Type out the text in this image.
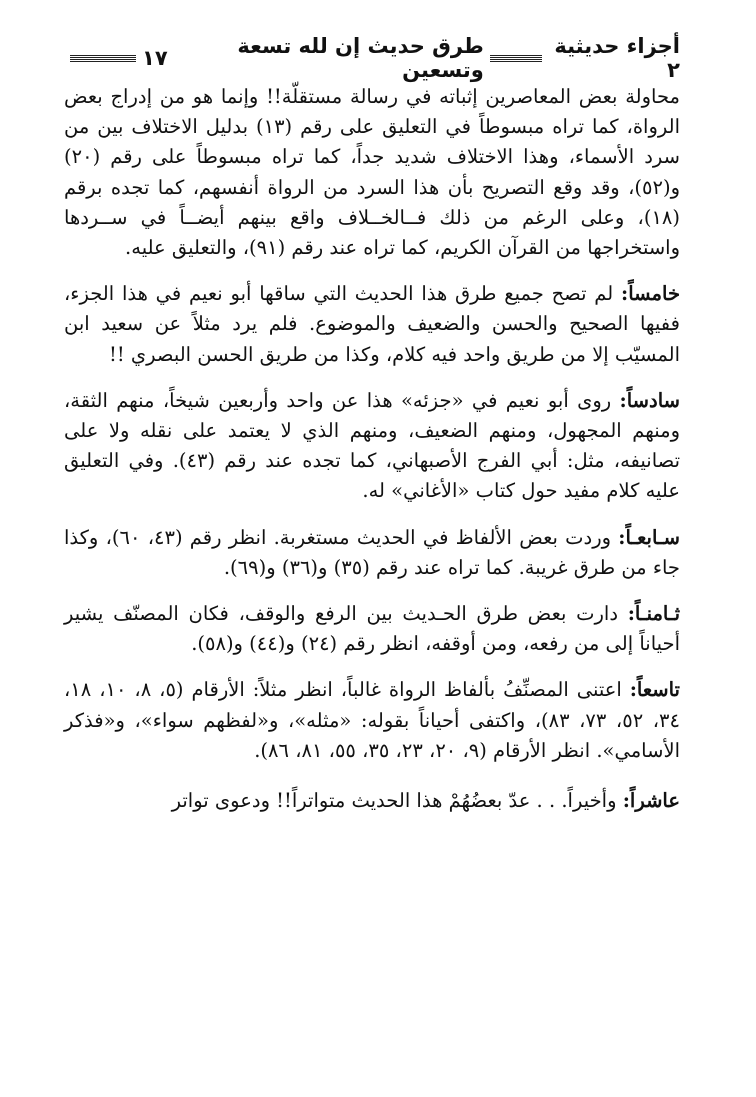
أجزاء حديثية ٢
طرق حديث إن لله تسعة وتسعين
١٧

محاولة بعض المعاصرين إثباته في رسالة مستقلّة!! وإنما هو من إدراج بعض الرواة، كما تراه مبسوطاً في التعليق على رقم (١٣) بدليل الاختلاف بين من سرد الأسماء، وهذا الاختلاف شديد جداً، كما تراه مبسوطاً على رقم (٢٠) و(٥٢)، وقد وقع التصريح بأن هذا السرد من الرواة أنفسهم، كما تجده برقم (١٨)، وعلى الرغم من ذلك فــالخــلاف واقع بينهم أيضــاً في ســردها واستخراجها من القرآن الكريم، كما تراه عند رقم (٩١)، والتعليق عليه.

خامساً: لم تصح جميع طرق هذا الحديث التي ساقها أبو نعيم في هذا الجزء، ففيها الصحيح والحسن والضعيف والموضوع. فلم يرد مثلاً عن سعيد ابن المسيّب إلا من طريق واحد فيه كلام، وكذا من طريق الحسن البصري !!

سادساً: روى أبو نعيم في «جزئه» هذا عن واحد وأربعين شيخاً، منهم الثقة، ومنهم المجهول، ومنهم الضعيف، ومنهم الذي لا يعتمد على نقله ولا على تصانيفه، مثل: أبي الفرج الأصبهاني، كما تجده عند رقم (٤٣). وفي التعليق عليه كلام مفيد حول كتاب «الأغاني» له.

سـابعـاً: وردت بعض الألفاظ في الحديث مستغربة. انظر رقم (٤٣، ٦٠)، وكذا جاء من طرق غريبة. كما تراه عند رقم (٣٥) و(٣٦) و(٦٩).

ثـامنـاً: دارت بعض طرق الحـديث بين الرفع والوقف، فكان المصنّف يشير أحياناً إلى من رفعه، ومن أوقفه، انظر رقم (٢٤) و(٤٤) و(٥٨).

تاسعاً: اعتنى المصنِّفُ بألفاظ الرواة غالباً، انظر مثلاً: الأرقام (٥، ٨، ١٠، ١٨، ٣٤، ٥٢، ٧٣، ٨٣)، واكتفى أحياناً بقوله: «مثله»، و«لفظهم سواء»، و«فذكر الأسامي». انظر الأرقام (٩، ٢٠، ٢٣، ٣٥، ٥٥، ٨١، ٨٦).

عاشراً: وأخيراً. . . عدّ بعضُهُمْ هذا الحديث متواتراً!! ودعوى تواتر
